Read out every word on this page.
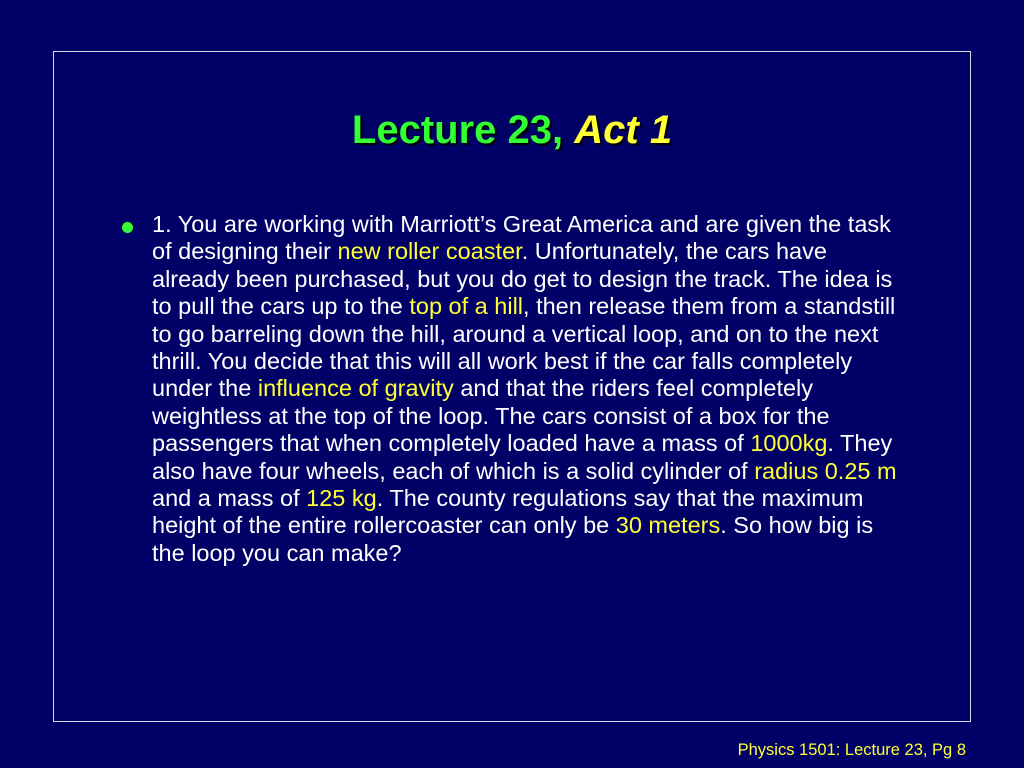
Lecture 23, Act 1

1. You are working with Marriott’s Great America and are given the task of designing their new roller coaster. Unfortunately, the cars have already been purchased, but you do get to design the track. The idea is to pull the cars up to the top of a hill, then release them from a standstill to go barreling down the hill, around a vertical loop, and on to the next thrill. You decide that this will all work best if the car falls completely under the influence of gravity and that the riders feel completely weightless at the top of the loop. The cars consist of a box for the passengers that when completely loaded have a mass of 1000kg. They also have four wheels, each of which is a solid cylinder of radius 0.25 m and a mass of 125 kg. The county regulations say that the maximum height of the entire rollercoaster can only be 30 meters. So how big is the loop you can make?

Physics 1501: Lecture 23, Pg 8
